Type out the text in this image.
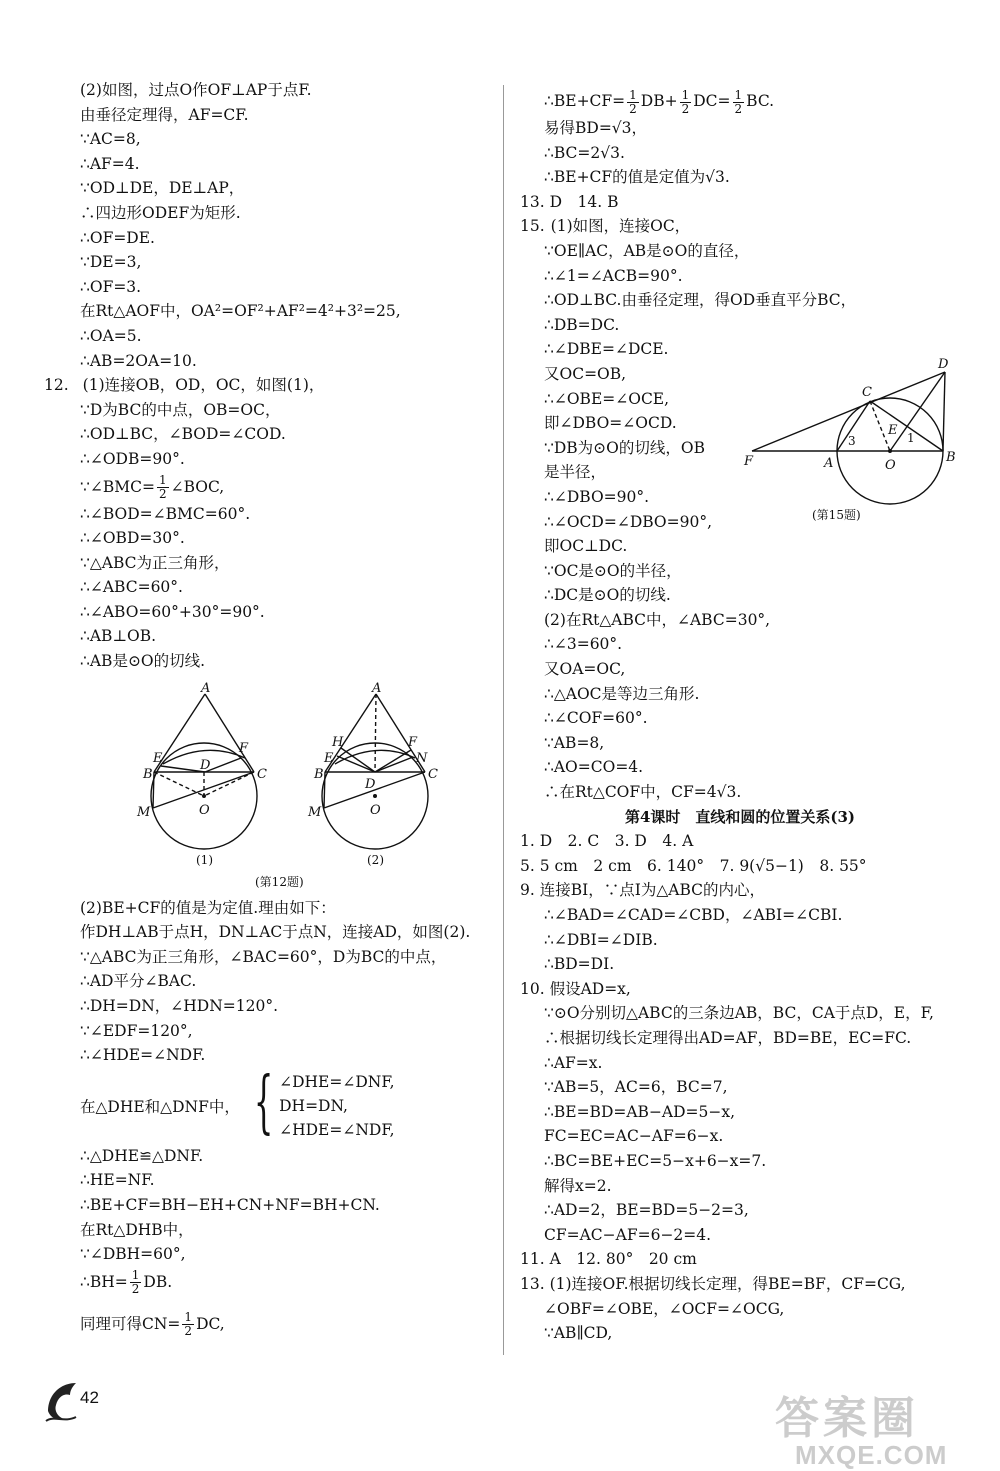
(2)如图，过点O作OF⊥AP于点F.
由垂径定理得，AF=CF.
∵AC=8,
∴AF=4.
∵OD⊥DE，DE⊥AP，
∴四边形ODEF为矩形.
∴OF=DE.
∵DE=3,
∴OF=3.
在Rt△AOF中，OA²=OF²+AF²=4²+3²=25,
∴OA=5.
∴AB=2OA=10.
12. (1)连接OB，OD，OC，如图(1)，
∵D为BC的中点，OB=OC，
∴OD⊥BC，∠BOD=∠COD.
∴∠ODB=90°.
∵∠BMC= $\frac{1}{2}$ ∠BOC,
∴∠BOD=∠BMC=60°.
∴∠OBD=30°.
∵△ABC为正三角形，
∴∠ABC=60°.
∴∠ABO=60°+30°=90°.
∴AB⊥OB.
∴AB是⊙O的切线.
(2)BE+CF的值是为定值.理由如下：
作DH⊥AB于点H，DN⊥AC于点N，连接AD，如图(2).
∵△ABC为正三角形，∠BAC=60°，D为BC的中点，
∴AD平分∠BAC.
∴DH=DN，∠HDN=120°.
∵∠EDF=120°,
∴∠HDE=∠NDF.
在△DHE和△DNF中， { ∠DHE=∠DNF,
DH=DN,
∠HDE=∠NDF,
∴△DHE≌△DNF.
∴HE=NF.
∴BE+CF=BH−EH+CN+NF=BH+CN.
在Rt△DHB中，
∵∠DBH=60°,
∴BH= $\frac{1}{2}$ DB.
同理可得$CN= \frac{1}{2}$ DC,
A
E
F
B	C
D
O
M
A
H
E
F
N
B	C
D
O
M
(1)	(2)
(第12题)
∴BE+CF= $\frac{1}{2} DB+ \frac{1}{2} DC= \frac{1}{2}$ BC.
易得BD=√3，
∴BC=2√3.
∴BE+CF的值是定值为√3.
13. D　14. B
15. (1)如图，连接OC，
∵OE∥AC，AB是⊙O的直径，
∴∠1=∠ACB=90°.
∴OD⊥BC.由垂径定理，得OD垂直平分BC，
∴DB=DC.
∴∠DBE=∠DCE.
又OC=OB,
∴∠OBE=∠OCE,
即∠DBO=∠OCD.
∵DB为⊙O的切线，OB
是半径，
∴∠DBO=90°.
∴∠OCD=∠DBO=90°,
即OC⊥DC.
∵OC是⊙O的半径，
∴DC是⊙O的切线.
(2)在Rt△ABC中，∠ABC=30°,
∴∠3=60°.
又OA=OC,
∴△AOC是等边三角形.
∴∠COF=60°.
∵AB=8,
∴AO=CO=4.
∴在Rt△COF中，CF=4√3.
第4课时　直线和圆的位置关系(3)
1. D　2. C　3. D　4. A
5. 5 cm　2 cm　6. 140°　7. 9(√5−1)　8. 55°
9. 连接BI，∵点I为△ABC的内心，
∴∠BAD=∠CAD=∠CBD，∠ABI=∠CBI.
∴∠DBI=∠DIB.
∴BD=DI.
10. 假设AD=x,
∵⊙O分别切△ABC的三条边AB，BC，CA于点D，E，F,
∴根据切线长定理得出AD=AF，BD=BE，EC=FC.
∴AF=x.
∵AB=5，AC=6，BC=7,
∴BE=BD=AB−AD=5−x,
FC=EC=AC−AF=6−x.
∴BC=BE+EC=5−x+6−x=7.
解得x=2.
∴AD=2，BE=BD=5−2=3,
CF=AC−AF=6−2=4.
11. A　12. 80°　20 cm
13. (1)连接OF.根据切线长定理，得BE=BF，CF=CG,
∠OBF=∠OBE，∠OCF=∠OCG,
∵AB∥CD,
D
C
E
F	A	O
B
1
3
(第15题)
42	答案圈
MXQE.COM
